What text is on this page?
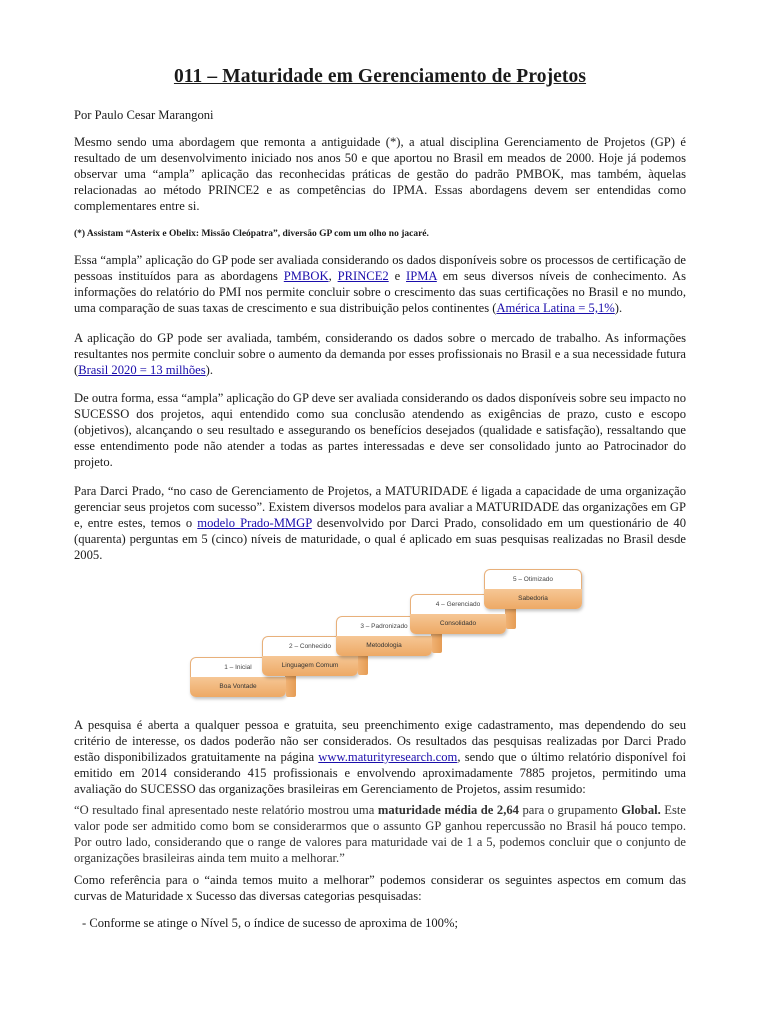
011 – Maturidade em Gerenciamento de Projetos

Por Paulo Cesar Marangoni

Mesmo sendo uma abordagem que remonta a antiguidade (*), a atual disciplina Gerenciamento de Projetos (GP) é resultado de um desenvolvimento iniciado nos anos 50 e que aportou no Brasil em meados de 2000. Hoje já podemos observar uma “ampla” aplicação das reconhecidas práticas de gestão do padrão PMBOK, mas também, àquelas relacionadas ao método PRINCE2 e as competências do IPMA. Essas abordagens devem ser entendidas como complementares entre si.

(*) Assistam “Asterix e Obelix: Missão Cleópatra”, diversão GP com um olho no jacaré.

Essa “ampla” aplicação do GP pode ser avaliada considerando os dados disponíveis sobre os processos de certificação de pessoas instituídos para as abordagens PMBOK, PRINCE2 e IPMA em seus diversos níveis de conhecimento. As informações do relatório do PMI nos permite concluir sobre o crescimento das suas certificações no Brasil e no mundo, uma comparação de suas taxas de crescimento e sua distribuição pelos continentes (América Latina = 5,1%).

A aplicação do GP pode ser avaliada, também, considerando os dados sobre o mercado de trabalho. As informações resultantes nos permite concluir sobre o aumento da demanda por esses profissionais no Brasil e a sua necessidade futura (Brasil 2020 = 13 milhões).

De outra forma, essa “ampla” aplicação do GP deve ser avaliada considerando os dados disponíveis sobre seu impacto no SUCESSO dos projetos, aqui entendido como sua conclusão atendendo as exigências de prazo, custo e escopo (objetivos), alcançando o seu resultado e assegurando os benefícios desejados (qualidade e satisfação), ressaltando que esse entendimento pode não atender a todas as partes interessadas e deve ser consolidado junto ao Patrocinador do projeto.

Para Darci Prado, “no caso de Gerenciamento de Projetos, a MATURIDADE é ligada a capacidade de uma organização gerenciar seus projetos com sucesso”. Existem diversos modelos para avaliar a MATURIDADE das organizações em GP e, entre estes, temos o modelo Prado-MMGP desenvolvido por Darci Prado, consolidado em um questionário de 40 (quarenta) perguntas em 5 (cinco) níveis de maturidade, o qual é aplicado em suas pesquisas realizadas no Brasil desde 2005.

1 – Inicial
Boa Vontade
2 – Conhecido
Linguagem Comum
3 – Padronizado
Metodologia
4 – Gerenciado
Consolidado
5 – Otimizado
Sabedoria

A pesquisa é aberta a qualquer pessoa e gratuita, seu preenchimento exige cadastramento, mas dependendo do seu critério de interesse, os dados poderão não ser considerados. Os resultados das pesquisas realizadas por Darci Prado estão disponibilizados gratuitamente na página www.maturityresearch.com, sendo que o último relatório disponível foi emitido em 2014 considerando 415 profissionais e envolvendo aproximadamente 7885 projetos, permitindo uma avaliação do SUCESSO das organizações brasileiras em Gerenciamento de Projetos, assim resumido:

“O resultado final apresentado neste relatório mostrou uma maturidade média de 2,64 para o grupamento Global. Este valor pode ser admitido como bom se considerarmos que o assunto GP ganhou repercussão no Brasil há pouco tempo. Por outro lado, considerando que o range de valores para maturidade vai de 1 a 5, podemos concluir que o conjunto de organizações brasileiras ainda tem muito a melhorar.”

Como referência para o “ainda temos muito a melhorar” podemos considerar os seguintes aspectos em comum das curvas de Maturidade x Sucesso das diversas categorias pesquisadas:

- Conforme se atinge o Nível 5, o índice de sucesso de aproxima de 100%;
